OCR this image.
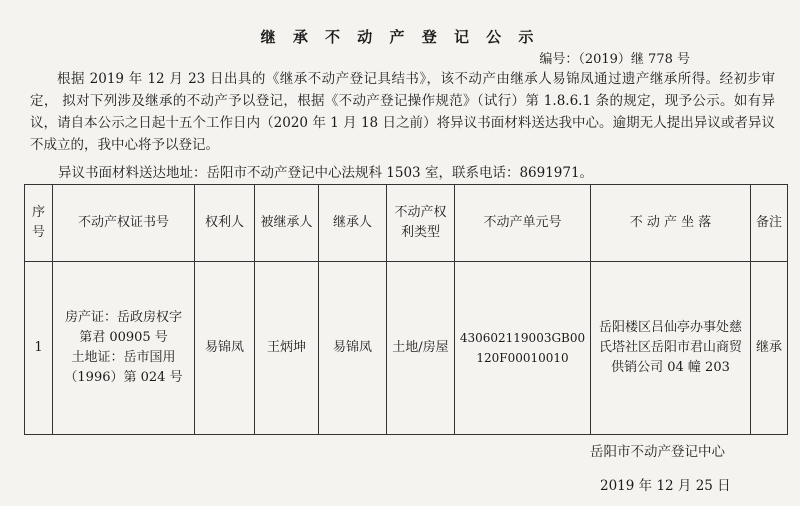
继 承 不 动 产 登 记 公 示
编号：（2019）继 778 号
根据 2019 年 12 月 23 日出具的《继承不动产登记具结书》，该不动产由继承人易锦凤通过遗产继承所得。经初步审定， 拟对下列涉及继承的不动产予以登记，根据《不动产登记操作规范》（试行）第 1.8.6.1 条的规定，现予公示。如有异议，请自本公示之日起十五个工作日内（2020 年 1 月 18 日之前）将异议书面材料送达我中心。逾期无人提出异议或者异议不成立的，我中心将予以登记。
异议书面材料送达地址：岳阳市不动产登记中心法规科 1503 室，联系电话：8691971。
序号	不动产权证书号	权利人	被继承人	继承人	不动产权利类型	不动产单元号	不 动 产 坐 落	备注
1	房产证：岳政房权字
第君 00905 号
土地证：岳市国用
（1996）第 024 号	易锦凤	王炳坤	易锦凤	土地/房屋	430602119003GB00120F00010010	岳阳楼区吕仙亭办事处慈氏塔社区岳阳市君山商贸供销公司 04 幢 203	继承
岳阳市不动产登记中心
2019 年 12 月 25 日
